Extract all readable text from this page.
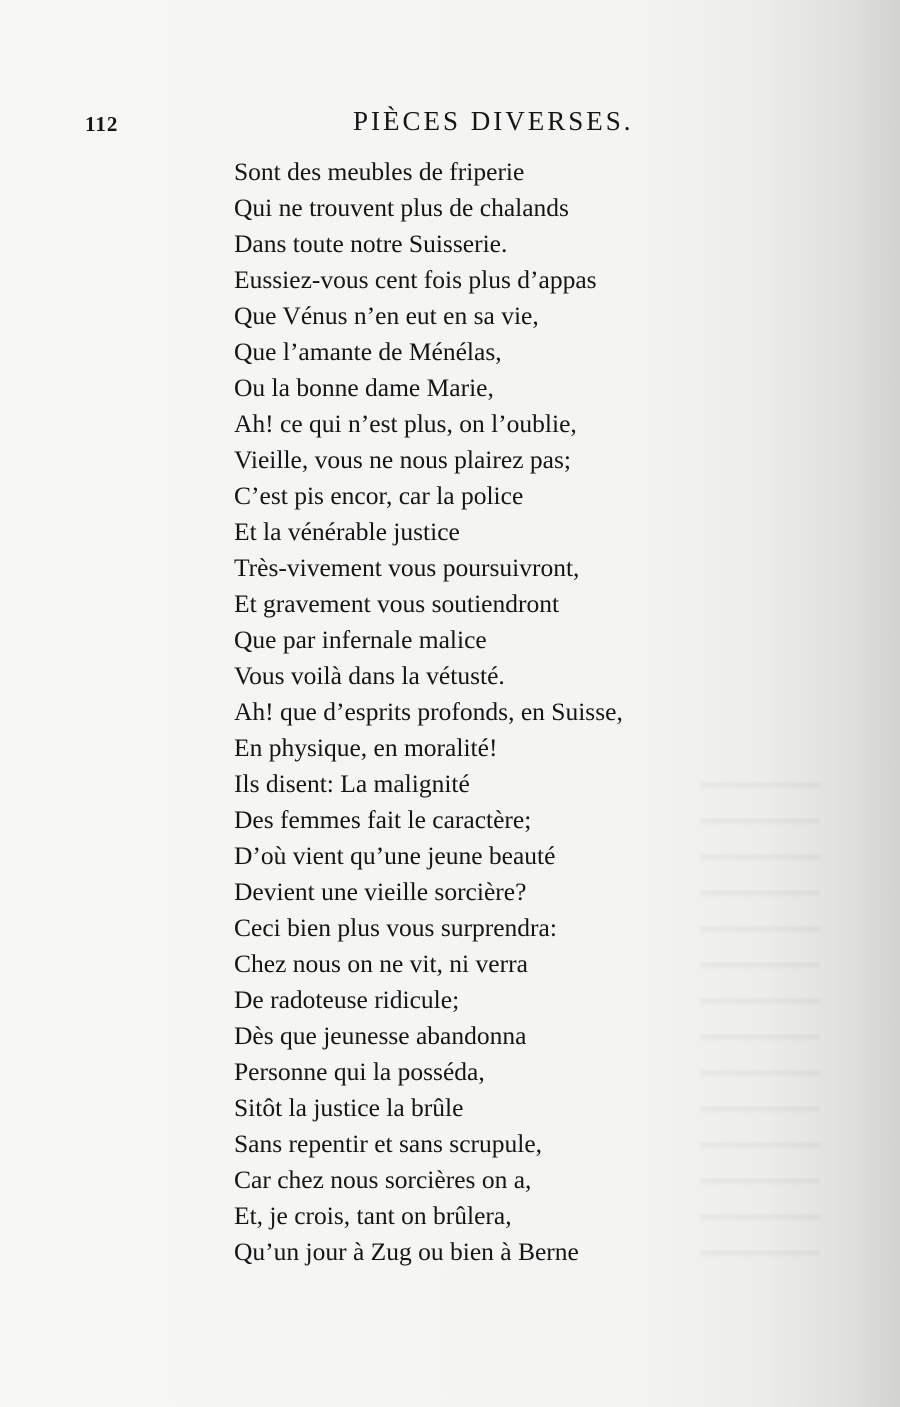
112	PIÈCES DIVERSES.
Sont des meubles de friperie
Qui ne trouvent plus de chalands
Dans toute notre Suisserie.
Eussiez-vous cent fois plus d’appas
Que Vénus n’en eut en sa vie,
Que l’amante de Ménélas,
Ou la bonne dame Marie,
Ah! ce qui n’est plus, on l’oublie,
Vieille, vous ne nous plairez pas;
C’est pis encor, car la police
Et la vénérable justice
Très-vivement vous poursuivront,
Et gravement vous soutiendront
Que par infernale malice
Vous voilà dans la vétusté.
Ah! que d’esprits profonds, en Suisse,
En physique, en moralité!
Ils disent: La malignité
Des femmes fait le caractère;
D’où vient qu’une jeune beauté
Devient une vieille sorcière?
Ceci bien plus vous surprendra:
Chez nous on ne vit, ni verra
De radoteuse ridicule;
Dès que jeunesse abandonna
Personne qui la posséda,
Sitôt la justice la brûle
Sans repentir et sans scrupule,
Car chez nous sorcières on a,
Et, je crois, tant on brûlera,
Qu’un jour à Zug ou bien à Berne
